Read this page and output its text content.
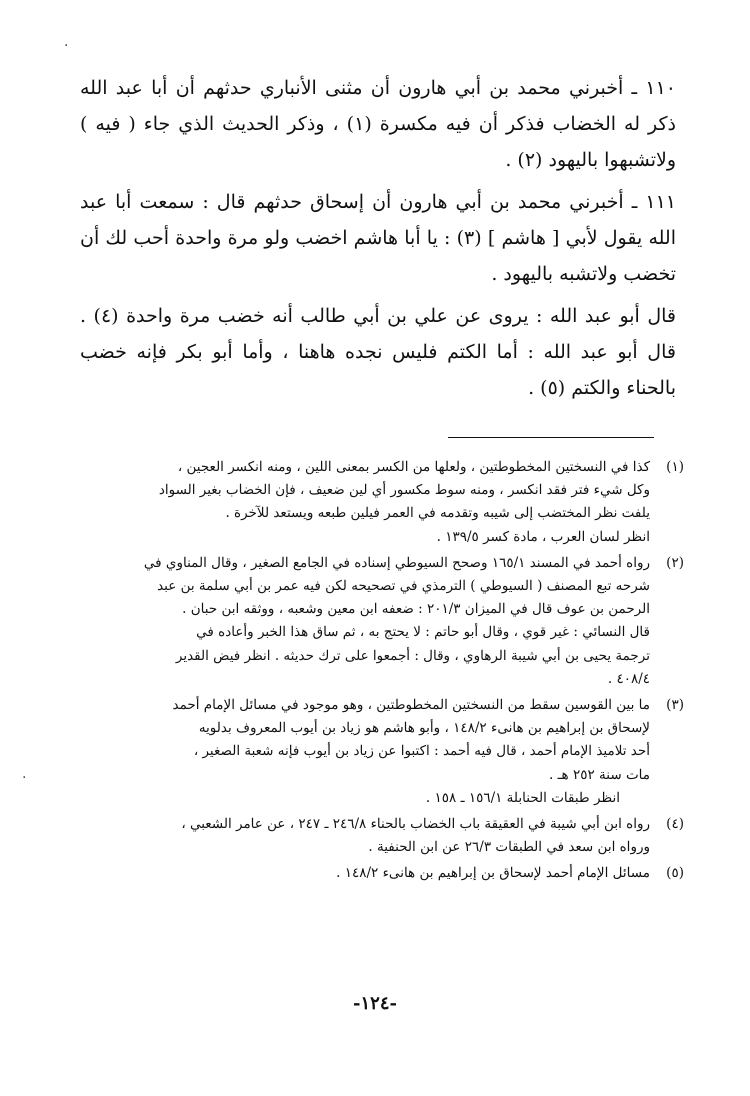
·
·

١١٠ ـ أخبرني محمد بن أبي هارون أن مثنى الأنباري حدثهم أن أبا عبد الله ذكر له الخضاب فذكر أن فيه مكسرة (١) ، وذكر الحديث الذي جاء ( فيه ) ولاتشبهوا باليهود (٢) .

١١١ ـ أخبرني محمد بن أبي هارون أن إسحاق حدثهم قال : سمعت أبا عبد الله يقول لأبي [ هاشم ] (٣) : يا أبا هاشم اخضب ولو مرة واحدة أحب لك أن تخضب ولاتشبه باليهود .

قال أبو عبد الله : يروى عن علي بن أبي طالب أنه خضب مرة واحدة (٤) . قال أبو عبد الله : أما الكتم فليس نجده هاهنا ، وأما أبو بكر فإنه خضب بالحناء والكتم (٥) .

(١)
كذا في النسختين المخطوطتين ، ولعلها من الكسر بمعنى اللين ، ومنه انكسر العجين ،
وكل شيء فتر فقد انكسر ، ومنه سوط مكسور أي لين ضعيف ، فإن الخضاب بغير السواد
يلفت نظر المختضب إلى شيبه وتقدمه في العمر فيلين طبعه ويستعد للآخرة .
انظر لسان العرب ، مادة كسر ١٣٩/٥ .
(٢)
رواه أحمد في المسند ١٦٥/١ وصحح السيوطي إسناده في الجامع الصغير ، وقال المناوي في
شرحه تبع المصنف ( السيوطي ) الترمذي في تصحيحه لكن فيه عمر بن أبي سلمة بن عبد
الرحمن بن عوف قال في الميزان ٢٠١/٣ : ضعفه ابن معين وشعبه ، ووثقه ابن حبان .
قال النسائي : غير قوي ، وقال أبو حاتم : لا يحتج به ، ثم ساق هذا الخبر وأعاده في
ترجمة يحيى بن أبي شيبة الرهاوي ، وقال : أجمعوا على ترك حديثه . انظر فيض القدير
٤٠٨/٤ .
(٣)
ما بين القوسين سقط من النسختين المخطوطتين ، وهو موجود في مسائل الإمام أحمد
لإسحاق بن إبراهيم بن هانىء ١٤٨/٢ ، وأبو هاشم هو زياد بن أيوب المعروف بدلويه
أحد تلاميذ الإمام أحمد ، قال فيه أحمد : اكتبوا عن زياد بن أيوب فإنه شعبة الصغير ،
مات سنة ٢٥٢ هـ .
انظر طبقات الحنابلة ١٥٦/١ ـ ١٥٨ .
(٤)
رواه ابن أبي شيبة في العقيقة باب الخضاب بالحناء ٢٤٦/٨ ـ ٢٤٧ ، عن عامر الشعبي ،
ورواه ابن سعد في الطبقات ٢٦/٣ عن ابن الحنفية .
(٥)
مسائل الإمام أحمد لإسحاق بن إبراهيم بن هانىء ١٤٨/٢ .
-١٢٤-
